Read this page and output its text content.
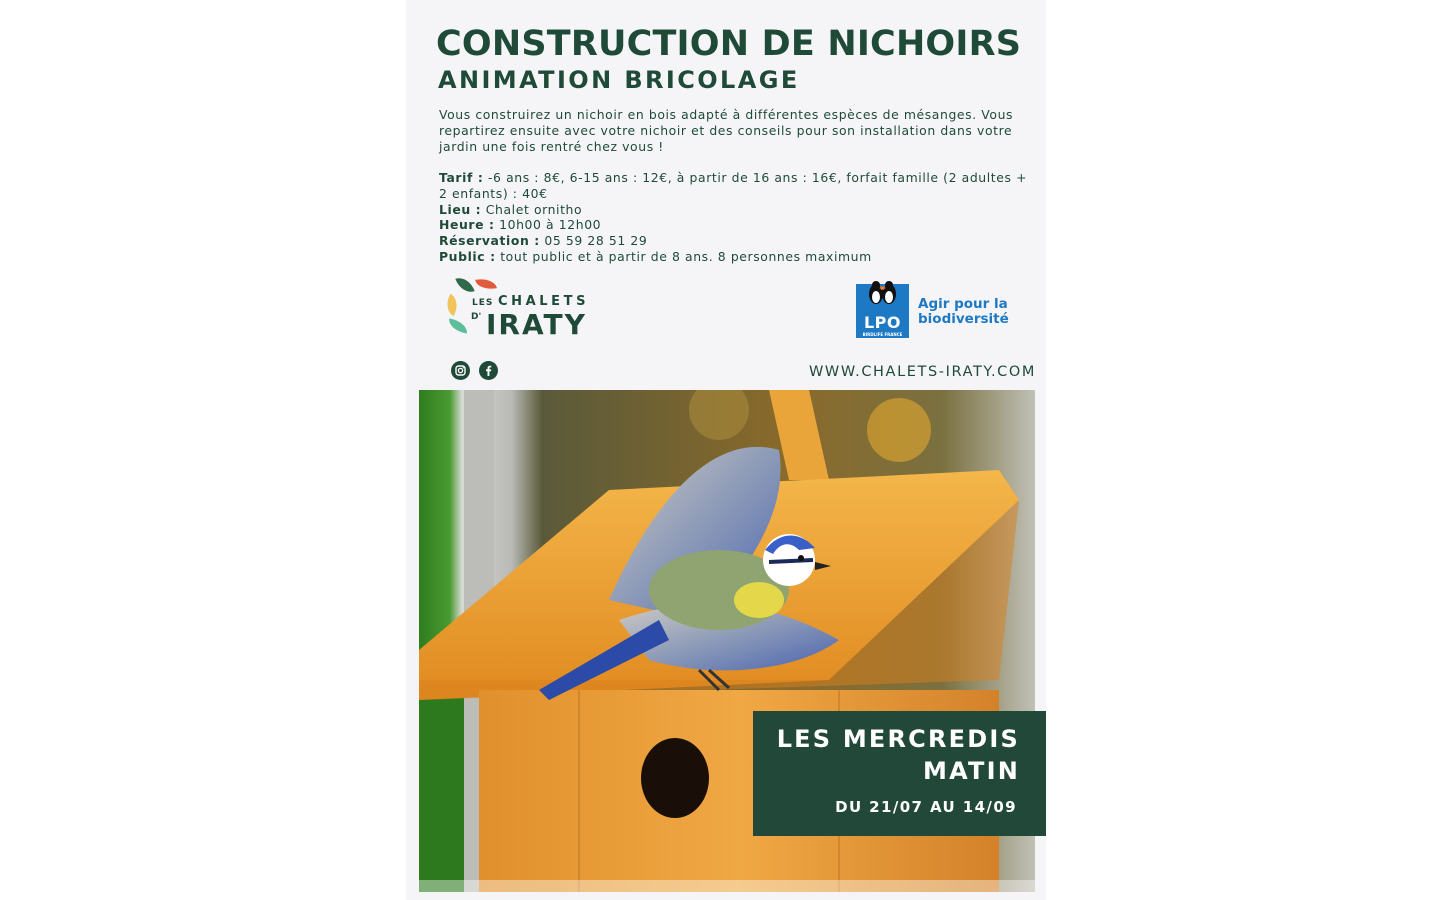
CONSTRUCTION DE NICHOIRS
ANIMATION BRICOLAGE

Vous construirez un nichoir en bois adapté à différentes espèces de mésanges. Vous repartirez ensuite avec votre nichoir et des conseils pour son installation dans votre jardin une fois rentré chez vous !

Tarif : -6 ans : 8€, 6-15 ans : 12€, à partir de 16 ans : 16€, forfait famille (2 adultes + 2 enfants) : 40€

Lieu : Chalet ornitho

Heure : 10h00 à 12h00

Réservation : 05 59 28 51 29

Public : tout public et à partir de 8 ans. 8 personnes maximum

LES
D'
CHALETS
IRATY	LPO
BIRDLIFE FRANCE

Agir pour la biodiversité

WWW.CHALETS-IRATY.COM

LES MERCREDIS

MATIN

DU 21/07 AU 14/09
